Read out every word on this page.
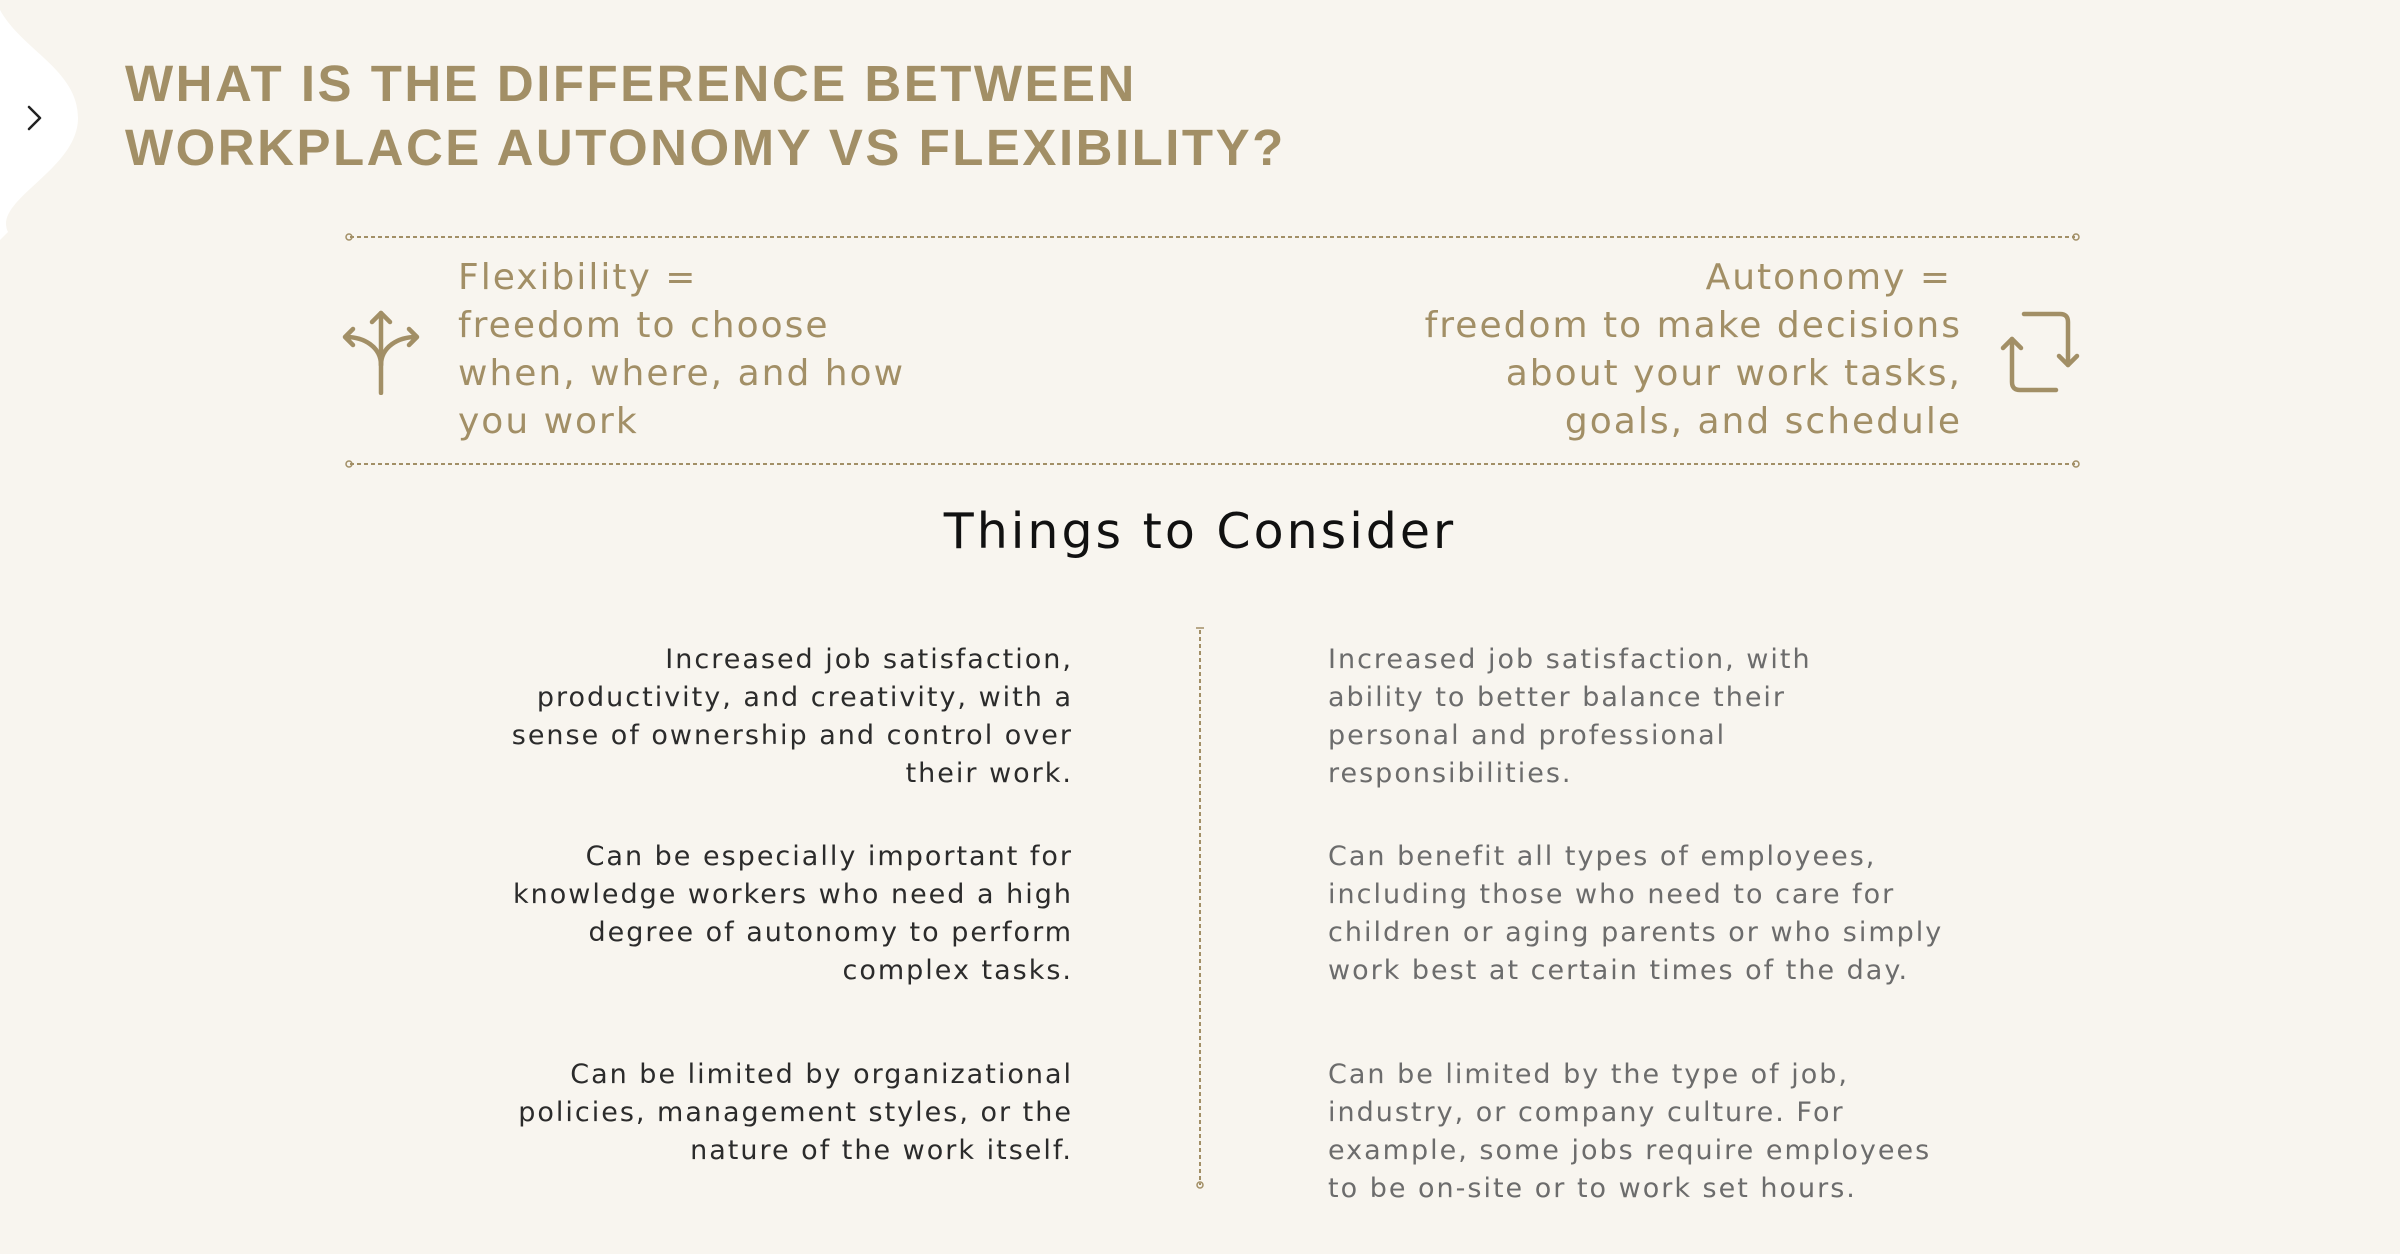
WHAT IS THE DIFFERENCE BETWEEN
WORKPLACE AUTONOMY VS FLEXIBILITY?
Flexibility =
freedom to choose
when, where, and how
you work
Autonomy =
freedom to make decisions
about your work tasks,
goals, and schedule
Things to Consider

Increased job satisfaction,
productivity, and creativity, with a
sense of ownership and control over
their work.

Can be especially important for
knowledge workers who need a high
degree of autonomy to perform
complex tasks.

Can be limited by organizational
policies, management styles, or the
nature of the work itself.

Increased job satisfaction, with
ability to better balance their
personal and professional
responsibilities.

Can benefit all types of employees,
including those who need to care for
children or aging parents or who simply
work best at certain times of the day.

Can be limited by the type of job,
industry, or company culture. For
example, some jobs require employees
to be on-site or to work set hours.
